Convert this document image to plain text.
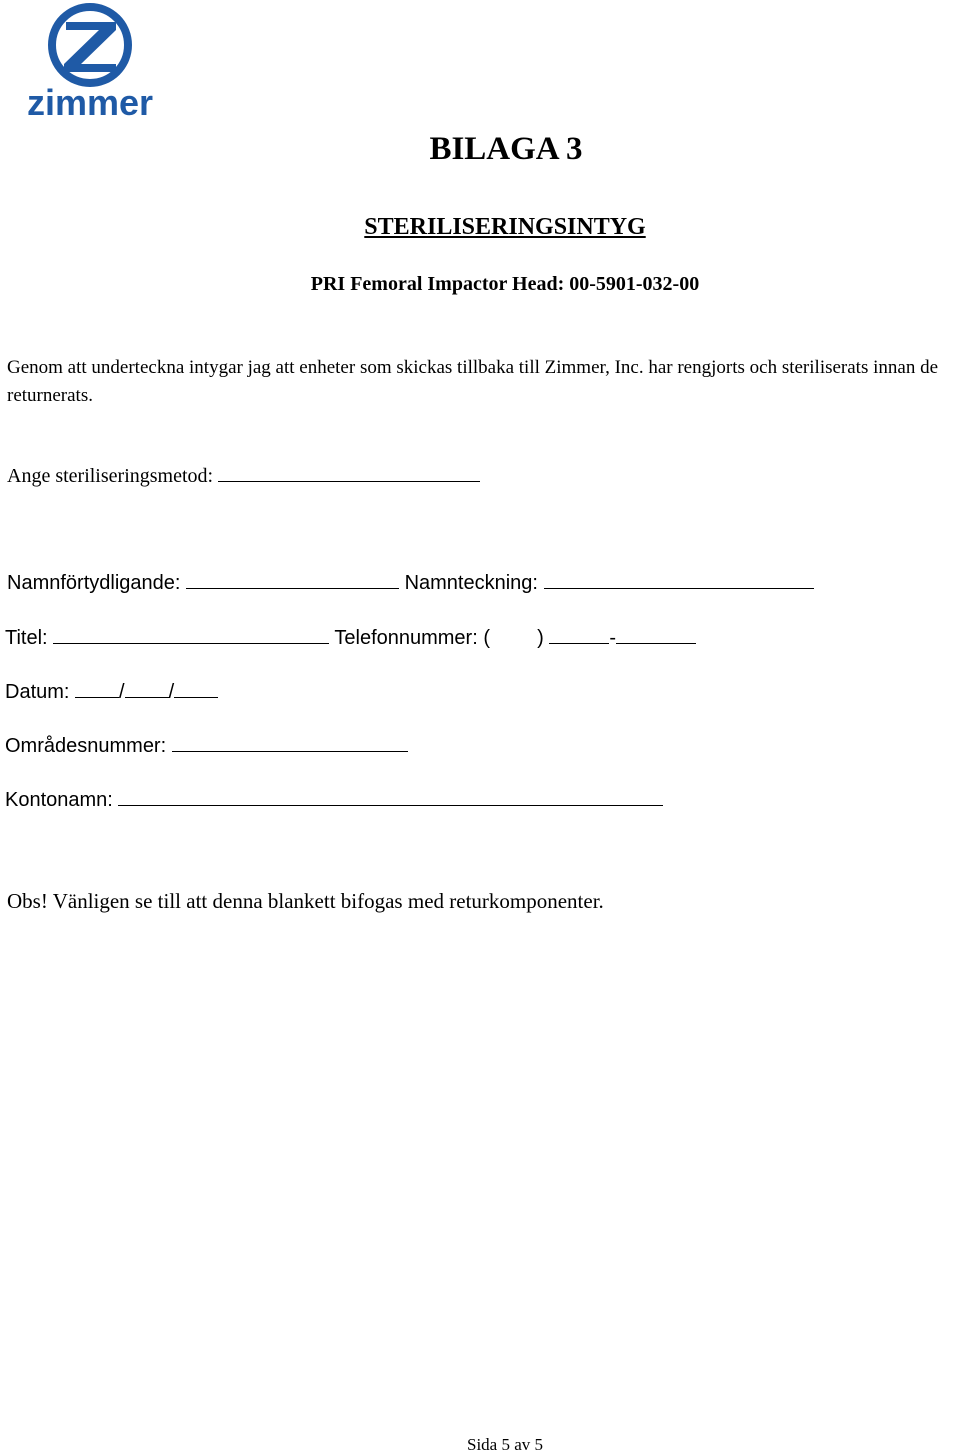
zimmer
BILAGA 3
STERILISERINGSINTYG

PRI Femoral Impactor Head: 00-5901-032-00

Genom att underteckna intygar jag att enheter som skickas tillbaka till Zimmer, Inc. har rengjorts och steriliserats innan de returnerats.

Ange steriliseringsmetod:
Namnförtydligande:	Namnteckning:
Titel:	Telefonnummer: ( )	-
Datum: / /
Områdesnummer:
Kontonamn:

Obs! Vänligen se till att denna blankett bifogas med returkomponenter.

Sida 5 av 5
